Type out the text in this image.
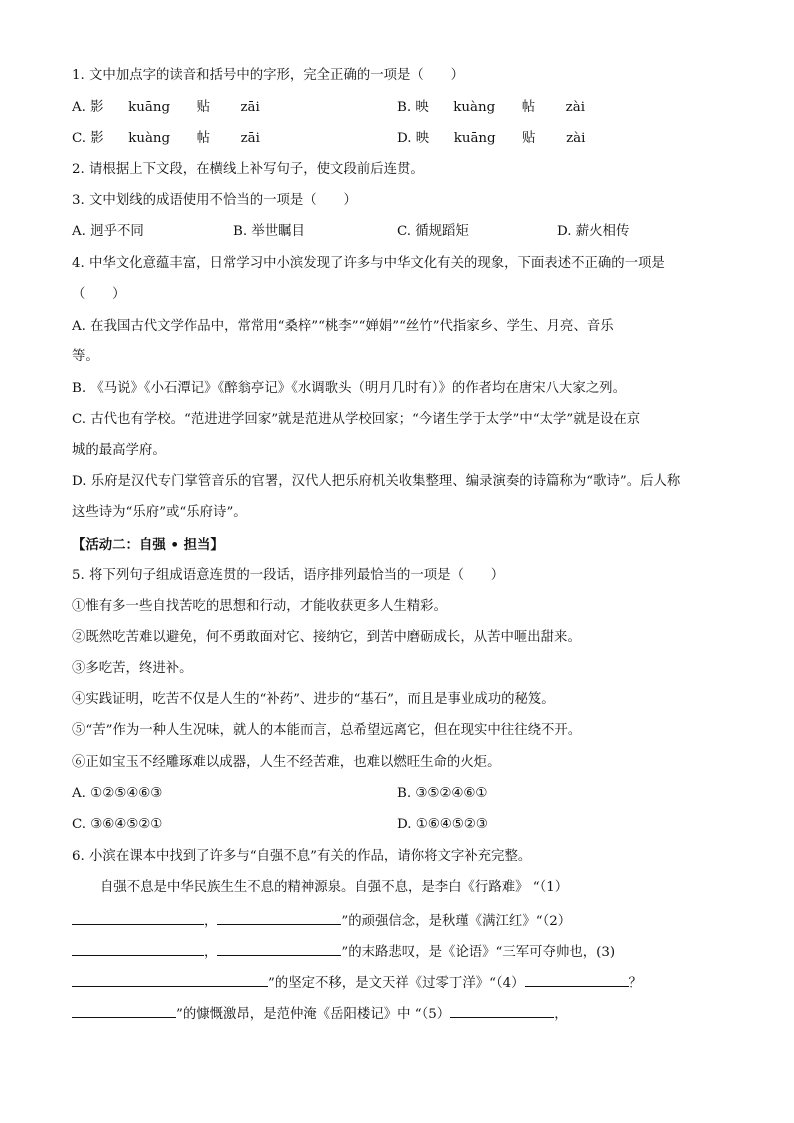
1. 文中加点字的读音和括号中的字形，完全正确的一项是（　　）
A. 影 kuāng 贴 zāi	B. 映 kuàng 帖 zài
C. 影 kuàng 帖 zāi	D. 映 kuāng 贴 zài
2. 请根据上下文段，在横线上补写句子，使文段前后连贯。
3. 文中划线的成语使用不恰当的一项是（　　）
A. 迥乎不同	B. 举世瞩目	C. 循规蹈矩	D. 薪火相传
4. 中华文化意蕴丰富，日常学习中小滨发现了许多与中华文化有关的现象，下面表述不正确的一项是
（　　）
A. 在我国古代文学作品中，常常用“桑梓”“桃李”“婵娟”“丝竹”代指家乡、学生、月亮、音乐
等。
B. 《马说》《小石潭记》《醉翁亭记》《水调歌头（明月几时有）》的作者均在唐宋八大家之列。
C. 古代也有学校。“范进进学回家”就是范进从学校回家；“今诸生学于太学”中“太学”就是设在京
城的最高学府。
D. 乐府是汉代专门掌管音乐的官署，汉代人把乐府机关收集整理、编录演奏的诗篇称为“歌诗”。后人称
这些诗为“乐府”或“乐府诗”。
【活动二：自强 • 担当】
5. 将下列句子组成语意连贯的一段话，语序排列最恰当的一项是（　　）
①惟有多一些自找苦吃的思想和行动，才能收获更多人生精彩。
②既然吃苦难以避免，何不勇敢面对它、接纳它，到苦中磨砺成长，从苦中咂出甜来。
③多吃苦，终进补。
④实践证明，吃苦不仅是人生的“补药”、进步的“基石”，而且是事业成功的秘笈。
⑤“苦”作为一种人生况味，就人的本能而言，总希望远离它，但在现实中往往绕不开。
⑥正如宝玉不经雕琢难以成器，人生不经苦难，也难以燃旺生命的火炬。
A. ①②⑤④⑥③	B. ③⑤②④⑥①
C. ③⑥④⑤②①	D. ①⑥④⑤②③
6. 小滨在课本中找到了许多与“自强不息”有关的作品，请你将文字补充完整。
自强不息是中华民族生生不息的精神源泉。自强不息，是李白《行路难》 “（1）
，	”的顽强信念，是秋瑾《满江红》“（2）
，	”的末路悲叹，是《论语》“三军可夺帅也，(3)
”的坚定不移，是文天祥《过零丁洋》“（4）	？
”的慷慨激昂，是范仲淹《岳阳楼记》中 “（5）	，
